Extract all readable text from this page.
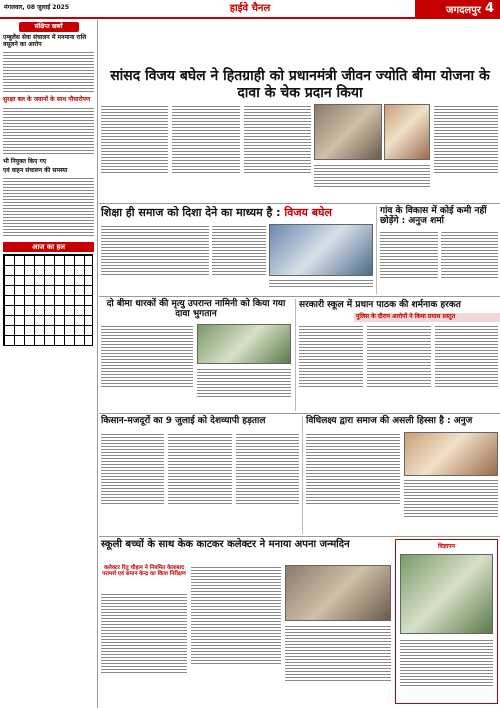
मंगलवार, 08 जुलाई 2025	हाईवे चैनल	जगदलपुर 4
संक्षिप्त खबरें
एम्बुलेंस सेवा संचालन में मनमाना राशि वसूलने का आरोप
सुरक्षा बल के जवानों के साथ पौधारोपण
भी नियुक्त किए गए
एवं वाहन संचालन की समस्या
आज का हल
सांसद विजय बघेल ने हितग्राही को प्रधानमंत्री जीवन ज्योति बीमा योजना के दावा के चेक प्रदान किया
शिक्षा ही समाज को दिशा देने का माध्यम है : विजय बघेल	गांव के विकास में कोई कमी नहीं छोड़ेंगे : अनुज शर्मा
दो बीमा धारकों की मृत्यु उपरान्त नामिनी को किया गया दावा भुगतान
सरकारी स्कूल में प्रधान पाठक की शर्मनाक हरकत
पुलिस के दौरान आरोपों ने किया प्रयास प्रस्तुत
किसान-मजदूरों का 9 जुलाई को देशव्यापी हड़ताल	विधिलक्ष्य द्वारा समाज की असली हिस्सा है : अनुज
स्कूली बच्चों के साथ केक काटकर कलेक्टर ने मनाया अपना जन्मदिन
कलेक्टर रितु चौहान ने नियमित केलाबाद परामर्श एवं समान केन्द्र का किया निरीक्षण
विज्ञापन
